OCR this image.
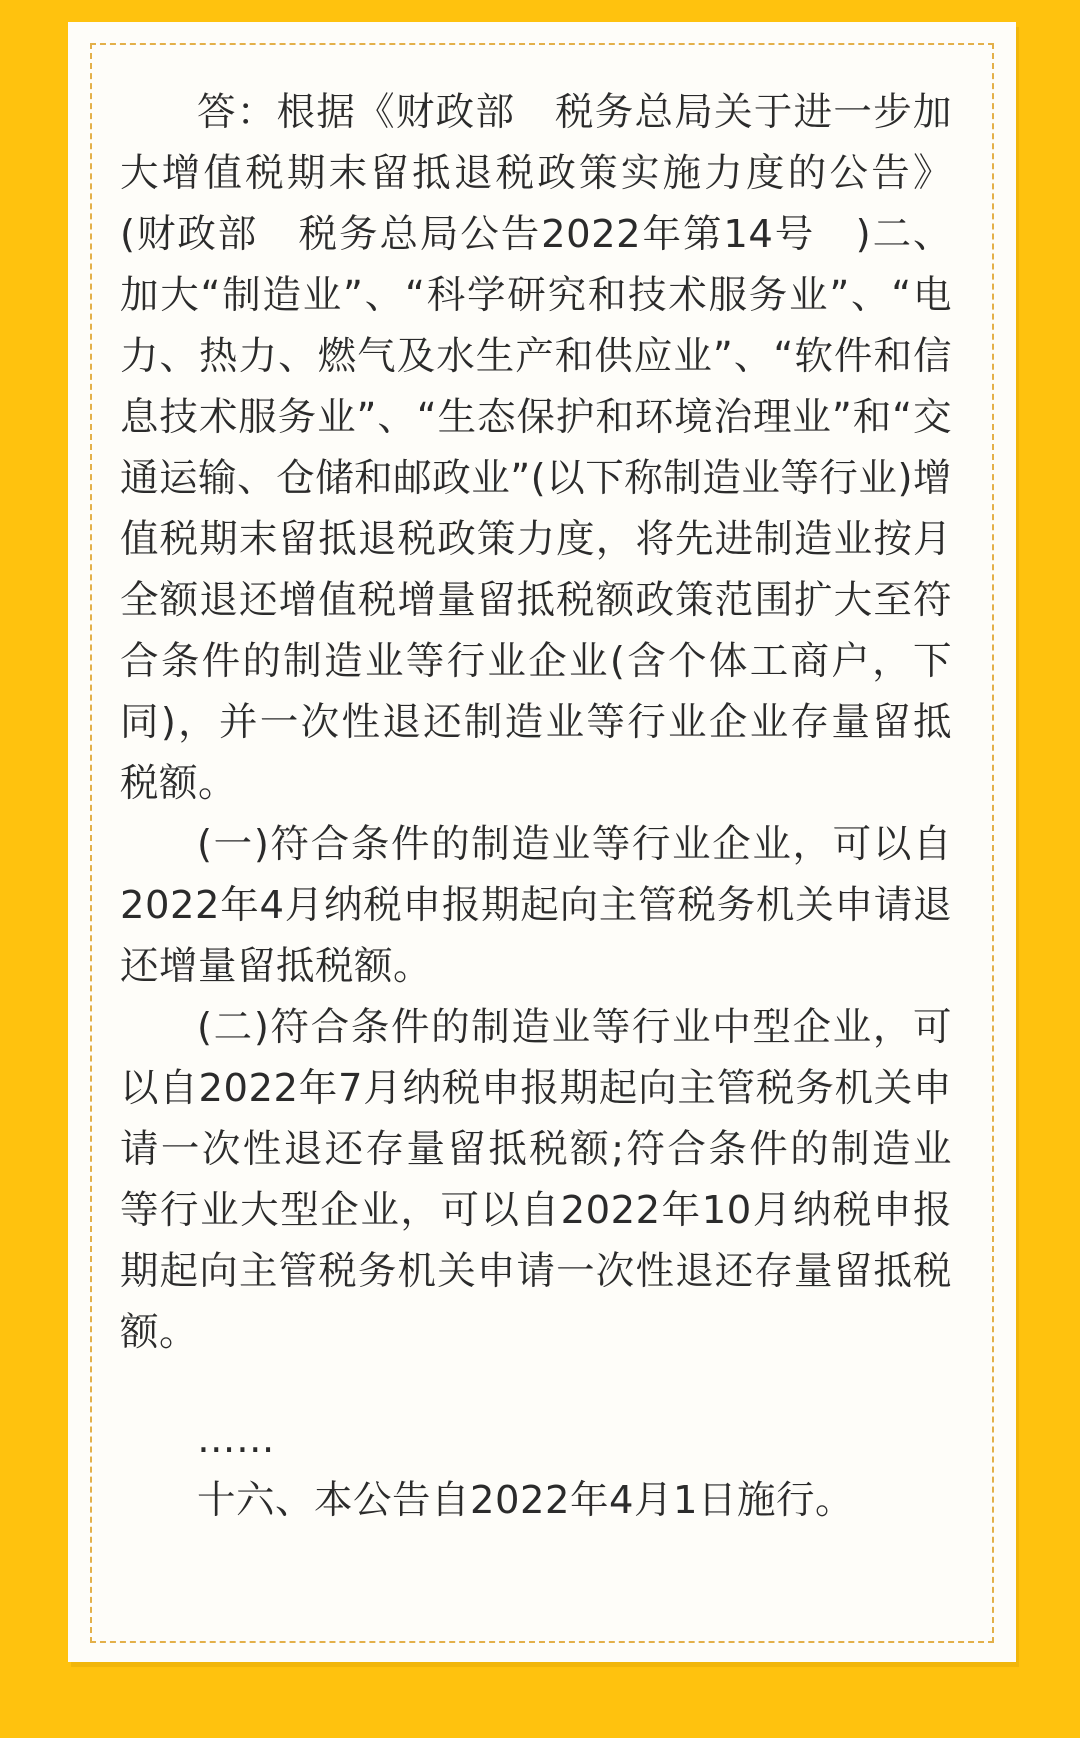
答：根据《财政部　税务总局关于进一步加大增值税期末留抵退税政策实施力度的公告》(财政部　税务总局公告2022年第14号　)二、加大“制造业”、“科学研究和技术服务业”、“电力、热力、燃气及水生产和供应业”、“软件和信息技术服务业”、“生态保护和环境治理业”和“交通运输、仓储和邮政业”(以下称制造业等行业)增值税期末留抵退税政策力度，将先进制造业按月全额退还增值税增量留抵税额政策范围扩大至符合条件的制造业等行业企业(含个体工商户，下同)，并一次性退还制造业等行业企业存量留抵税额。

(一)符合条件的制造业等行业企业，可以自2022年4月纳税申报期起向主管税务机关申请退还增量留抵税额。

(二)符合条件的制造业等行业中型企业，可以自2022年7月纳税申报期起向主管税务机关申请一次性退还存量留抵税额;符合条件的制造业等行业大型企业，可以自2022年10月纳税申报期起向主管税务机关申请一次性退还存量留抵税额。

……

十六、本公告自2022年4月1日施行。
